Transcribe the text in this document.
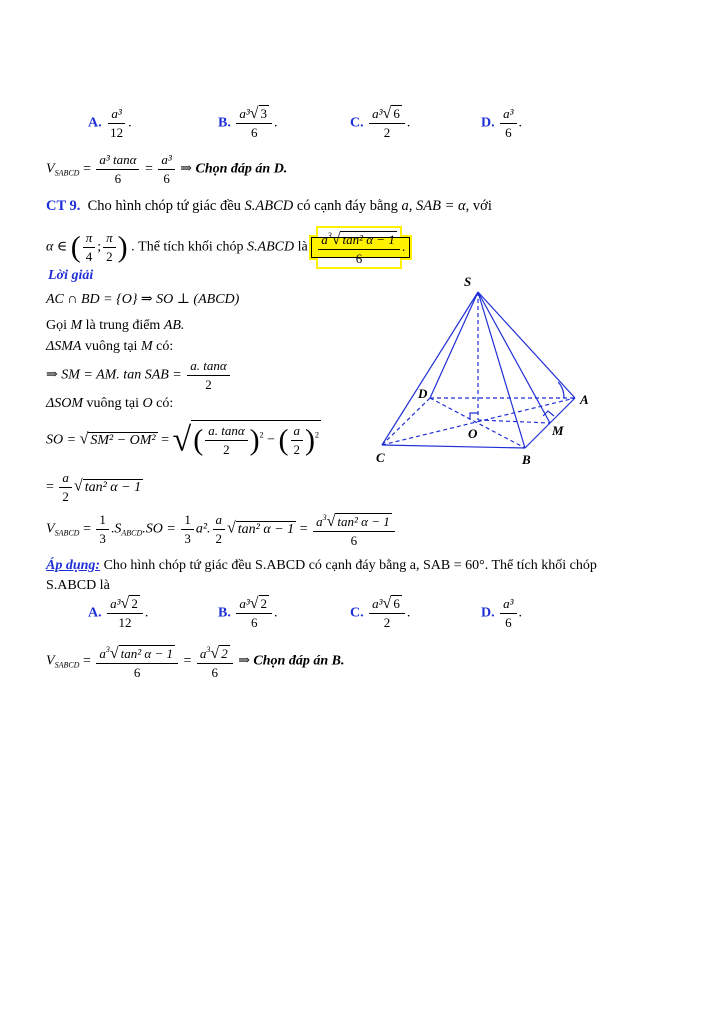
A. $\frac{\text{a³}}{12}$ .	B. $\frac{\text{a³√ 3}}{6}$ .	C. $\frac{\text{a³√ 6}}{2}$ .	D. $\frac{\text{a³}}{6}$ .
$V_{SABCD} = \frac{\text{a³ tanα}}{6} = \frac{\text{a³}}{6}$ ⇒ Chọn đáp án D.
CT 9. Cho hình chóp tứ giác đều S.ABCD có cạnh đáy bằng a, SAB = α, với
α ∈ ( $\frac{\pi}{4}$ ; $\frac{\pi}{2}$ ) . Thể tích khối chóp S.ABCD là $\frac{a^3√ \tan^2 \alpha - 1}{6}$ .
Lời giải
AC ∩ BD = {O} ⇒ SO ⊥ (ABCD)
Gọi M là trung điểm AB.
ΔSMA vuông tại M có:
⇒ SM = AM. tan SAB = $\frac{a. \tan\alpha}{2}$
ΔSOM vuông tại O có:
SO = √ SM² − OM² = √( $\frac{a. \tan\alpha}{2} )^2$ − ( $\frac{a}{2} )^2$
= $\frac{a}{2}$ √ tan² α − 1
$V_{SABCD} = \frac{1}{3} .S_{ABCD}.SO = \frac{1}{3} a^2$. $\frac{a}{2}$ √ tan² $\alpha - 1 = \frac{a^3√ \tan^2 \alpha - 1}{6}$
S
A
B
C
D
O	M
Áp dụng: Cho hình chóp tứ giác đều S.ABCD có cạnh đáy bằng a, SAB = 60°. Thể tích khối chóp
S.ABCD là
A. $\frac{\text{a³√ 2}}{12}$ .	B. $\frac{\text{a³√ 2}}{6}$ .	C. $\frac{\text{a³√ 6}}{2}$ .	D. $\frac{\text{a³}}{6}$ .
$V_{SABCD} = \frac{a^3√ \tan^2 \alpha - 1}{6} = \frac{a^3√ 2}{6}$ ⇒ Chọn đáp án B.
